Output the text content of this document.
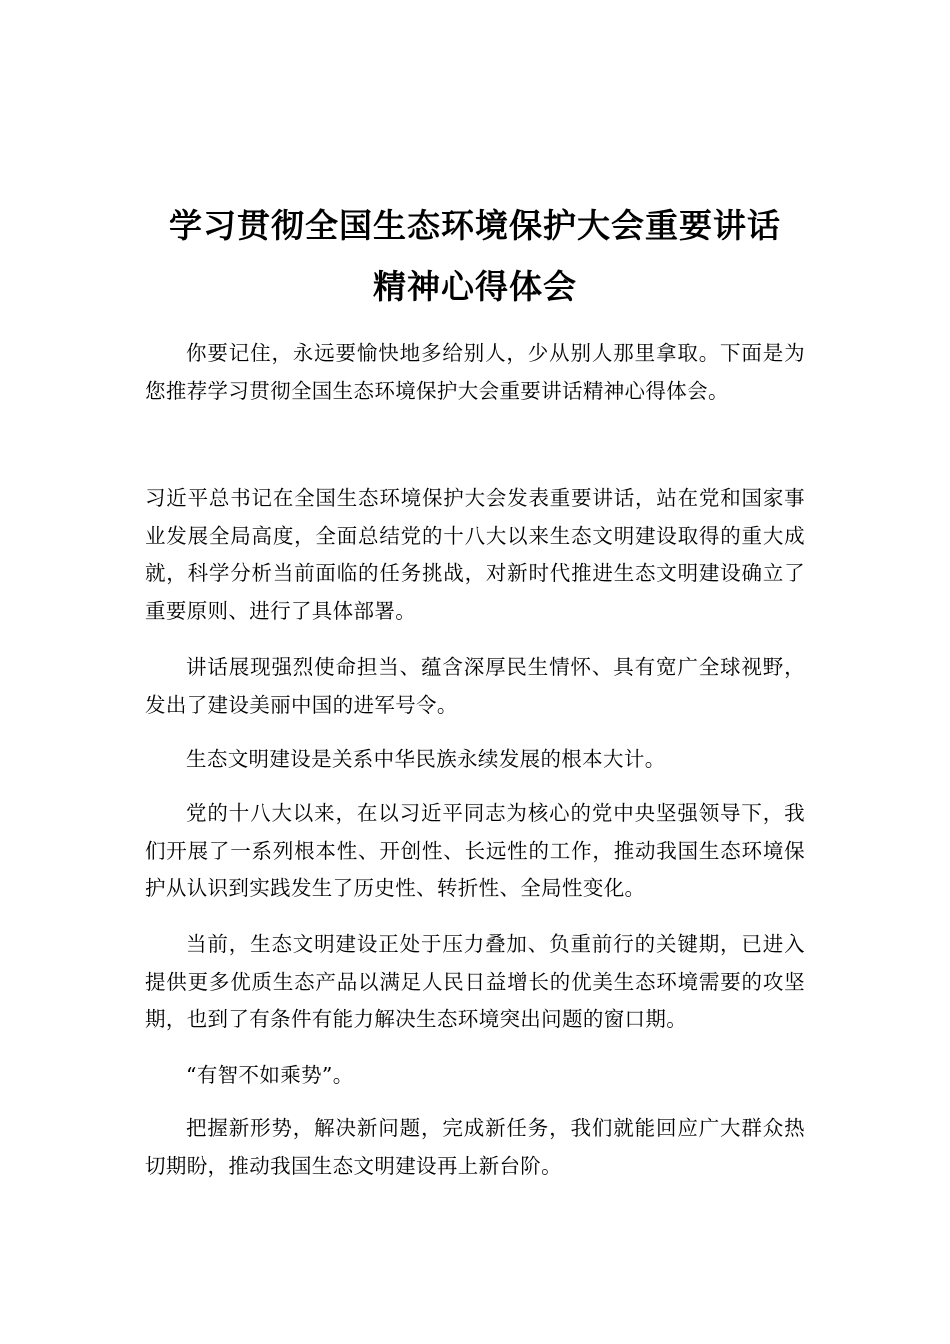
学习贯彻全国生态环境保护大会重要讲话
精神心得体会

你要记住，永远要愉快地多给别人，少从别人那里拿取。下面是为您推荐学习贯彻全国生态环境保护大会重要讲话精神心得体会。

习近平总书记在全国生态环境保护大会发表重要讲话，站在党和国家事业发展全局高度，全面总结党的十八大以来生态文明建设取得的重大成就，科学分析当前面临的任务挑战，对新时代推进生态文明建设确立了重要原则、进行了具体部署。

讲话展现强烈使命担当、蕴含深厚民生情怀、具有宽广全球视野，发出了建设美丽中国的进军号令。

生态文明建设是关系中华民族永续发展的根本大计。

党的十八大以来，在以习近平同志为核心的党中央坚强领导下，我们开展了一系列根本性、开创性、长远性的工作，推动我国生态环境保护从认识到实践发生了历史性、转折性、全局性变化。

当前，生态文明建设正处于压力叠加、负重前行的关键期，已进入提供更多优质生态产品以满足人民日益增长的优美生态环境需要的攻坚期，也到了有条件有能力解决生态环境突出问题的窗口期。

“有智不如乘势”。

把握新形势，解决新问题，完成新任务，我们就能回应广大群众热切期盼，推动我国生态文明建设再上新台阶。
